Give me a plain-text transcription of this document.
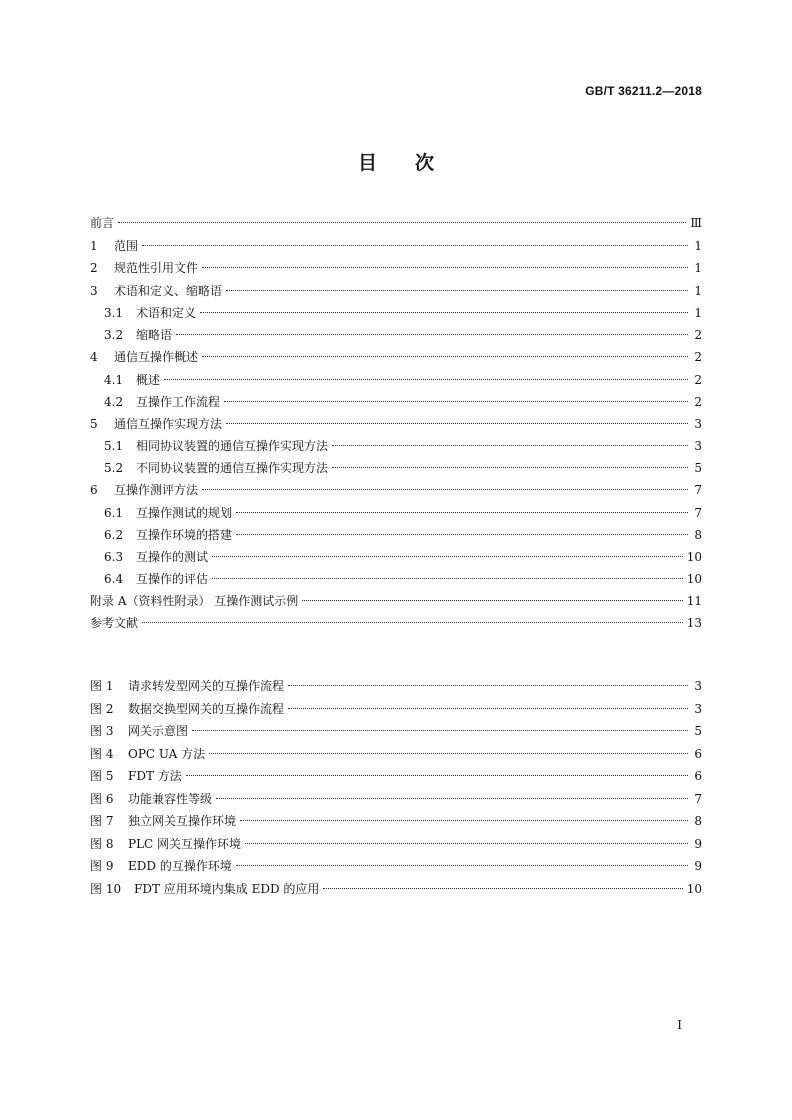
GB/T 36211.2—2018
目 次
前言	Ⅲ
1	范围	1
2	规范性引用文件	1
3	术语和定义、缩略语	1
3.1	术语和定义	1
3.2	缩略语	2
4	通信互操作概述	2
4.1	概述	2
4.2	互操作工作流程	2
5	通信互操作实现方法	3
5.1	相同协议装置的通信互操作实现方法	3
5.2	不同协议装置的通信互操作实现方法	5
6	互操作测评方法	7
6.1	互操作测试的规划	7
6.2	互操作环境的搭建	8
6.3	互操作的测试	10
6.4	互操作的评估	10
附录 A（资料性附录） 互操作测试示例	11
参考文献	13
图 1	请求转发型网关的互操作流程	3
图 2	数据交换型网关的互操作流程	3
图 3	网关示意图	5
图 4	OPC UA 方法	6
图 5	FDT 方法	6
图 6	功能兼容性等级	7
图 7	独立网关互操作环境	8
图 8	PLC 网关互操作环境	9
图 9	EDD 的互操作环境	9
图 10	FDT 应用环境内集成 EDD 的应用	10
I
